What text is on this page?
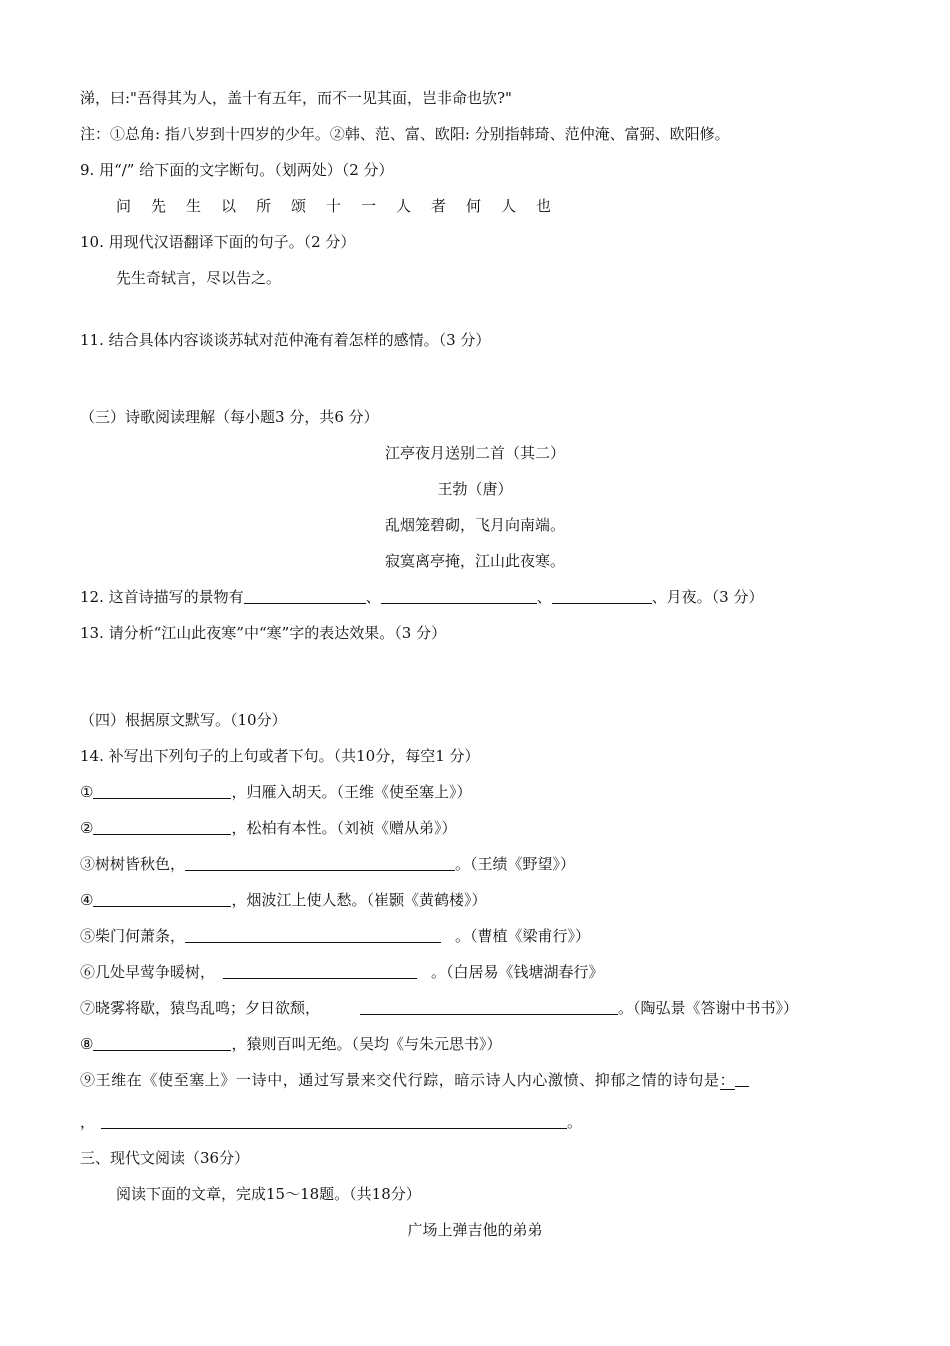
涕，曰:"吾得其为人，盖十有五年，而不一见其面，岂非命也欤?"
注：①总角: 指八岁到十四岁的少年。②韩、范、富、欧阳: 分别指韩琦、范仲淹、富弼、欧阳修。
9. 用“/” 给下面的文字断句。（划两处）（2 分）
问 先 生 以 所 颂 十 一 人 者 何 人 也
10. 用现代汉语翻译下面的句子。（2 分）
先生奇轼言，尽以告之。
11. 结合具体内容谈谈苏轼对范仲淹有着怎样的感情。（3 分）
（三）诗歌阅读理解（每小题3 分，共6 分）
江亭夜月送别二首（其二）
王勃（唐）
乱烟笼碧砌，飞月向南端。
寂寞离亭掩，江山此夜寒。
12. 这首诗描写的景物有	、	、	、月夜。（3 分）
13. 请分析“江山此夜寒”中“寒”字的表达效果。（3 分）
（四）根据原文默写。（10分）
14. 补写出下列句子的上句或者下句。（共10分，每空1 分）
①	，归雁入胡天。（王维《使至塞上》）
②	，松柏有本性。（刘祯《赠从弟》）
③树树皆秋色，	。（王绩《野望》）
④	，烟波江上使人愁。（崔颢《黄鹤楼》）
⑤柴门何萧条，	。（曹植《梁甫行》）
⑥几处早莺争暖树，	。（白居易《钱塘湖春行》
⑦晓雾将歇，猿鸟乱鸣；夕日欲颓，	。（陶弘景《答谢中书书》）
⑧	，猿则百叫无绝。（吴均《与朱元思书》）
⑨王维在《使至塞上》一诗中，通过写景来交代行踪，暗示诗人内心激愤、抑郁之情的诗句是：
，	。
三、现代文阅读（36分）
阅读下面的文章，完成15～18题。（共18分）
广场上弹吉他的弟弟
